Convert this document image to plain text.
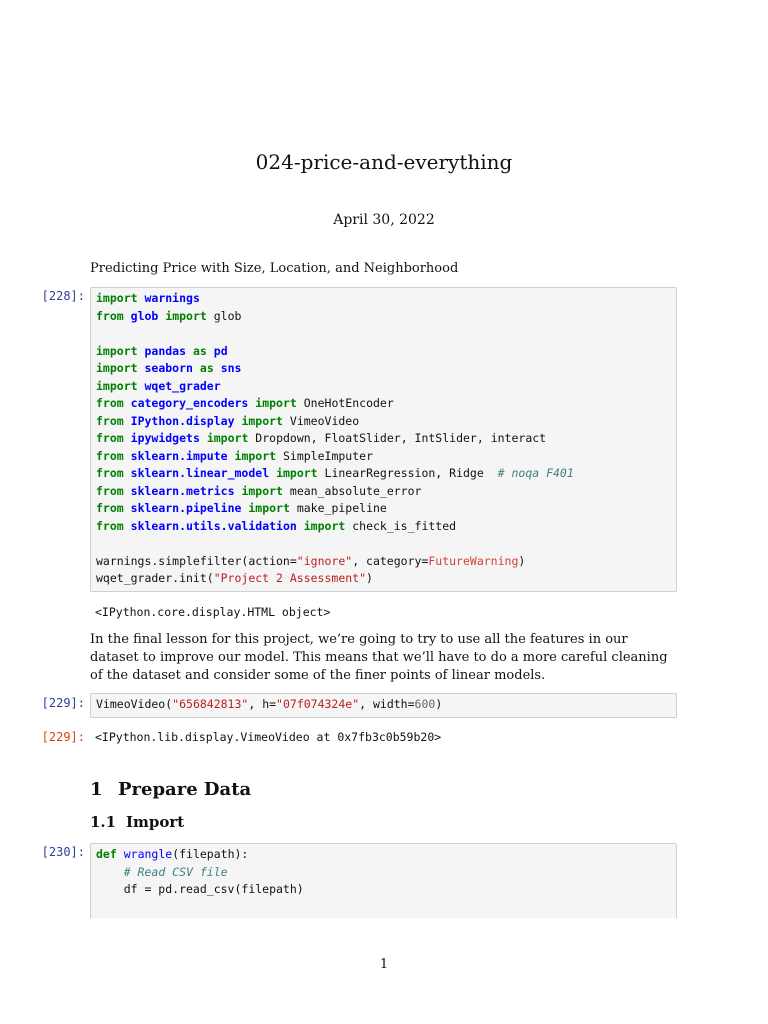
024-price-and-everything
April 30, 2022
Predicting Price with Size, Location, and Neighborhood
[228]: import warnings
from glob import glob

import pandas as pd
import seaborn as sns
import wqet_grader
from category_encoders import OneHotEncoder
from IPython.display import VimeoVideo
from ipywidgets import Dropdown, FloatSlider, IntSlider, interact
from sklearn.impute import SimpleImputer
from sklearn.linear_model import LinearRegression, Ridge  # noqa F401
from sklearn.metrics import mean_absolute_error
from sklearn.pipeline import make_pipeline
from sklearn.utils.validation import check_is_fitted

warnings.simplefilter(action="ignore", category=FutureWarning)
wqet_grader.init("Project 2 Assessment")
<IPython.core.display.HTML object>
In the final lesson for this project, we’re going to try to use all the features in our dataset to improve our model. This means that we’ll have to do a more careful cleaning of the dataset and consider some of the finer points of linear models.
[229]: VimeoVideo("656842813", h="07f074324e", width=600)
[229]: <IPython.lib.display.VimeoVideo at 0x7fb3c0b59b20>
1 Prepare Data
1.1 Import
[230]: def wrangle(filepath):
# Read CSV file
df = pd.read_csv(filepath)
1
